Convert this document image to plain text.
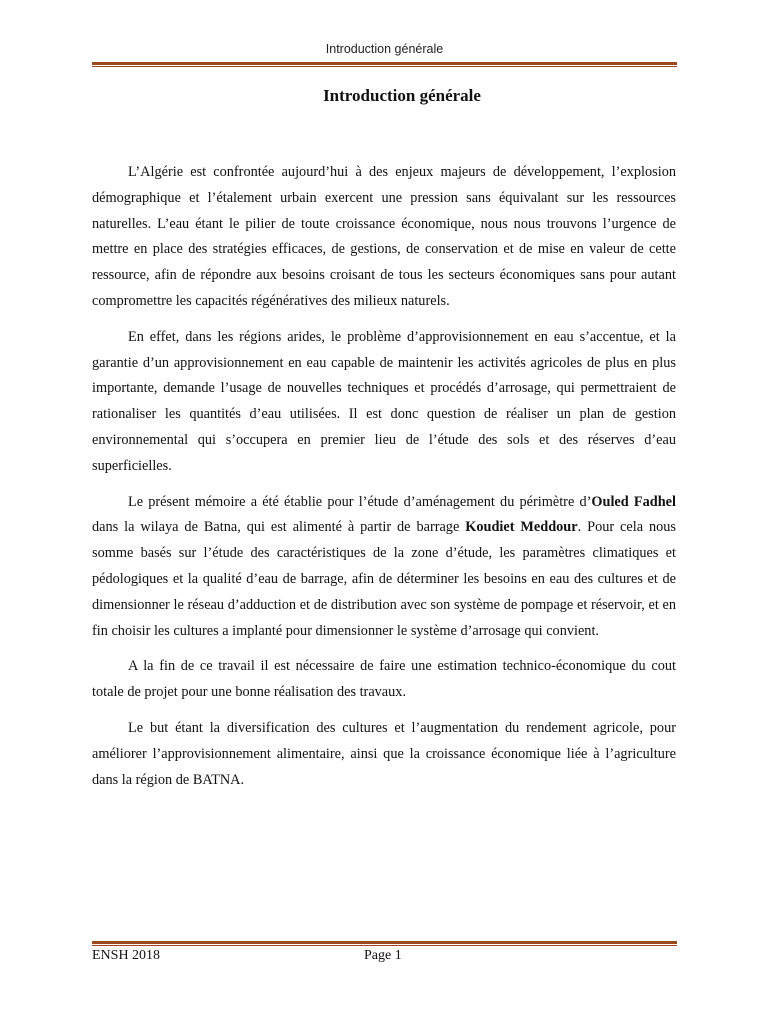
Introduction générale
Introduction générale

L’Algérie est confrontée aujourd’hui à des enjeux majeurs de développement, l’explosion démographique et l’étalement urbain exercent une pression sans équivalant sur les ressources naturelles. L’eau étant le pilier de toute croissance économique, nous nous trouvons l’urgence de mettre en place des stratégies efficaces, de gestions, de conservation et de mise en valeur de cette ressource, afin de répondre aux besoins croisant de tous les secteurs économiques sans pour autant compromettre les capacités régénératives des milieux naturels.

En effet, dans les régions arides, le problème d’approvisionnement en eau s’accentue, et la garantie d’un approvisionnement en eau capable de maintenir les activités agricoles de plus en plus importante, demande l’usage de nouvelles techniques et procédés d’arrosage, qui permettraient de rationaliser les quantités d’eau utilisées. Il est donc question de réaliser un plan de gestion environnemental qui s’occupera en premier lieu de l’étude des sols et des réserves d’eau superficielles.

Le présent mémoire a été établie pour l’étude d’aménagement du périmètre d’Ouled Fadhel dans la wilaya de Batna, qui est alimenté à partir de barrage Koudiet Meddour. Pour cela nous somme basés sur l’étude des caractéristiques de la zone d’étude, les paramètres climatiques et pédologiques et la qualité d’eau de barrage, afin de déterminer les besoins en eau des cultures et de dimensionner le réseau d’adduction et de distribution avec son système de pompage et réservoir, et en fin choisir les cultures a implanté pour dimensionner le système d’arrosage qui convient.

A la fin de ce travail il est nécessaire de faire une estimation technico-économique du cout totale de projet pour une bonne réalisation des travaux.

Le but étant la diversification des cultures et l’augmentation du rendement agricole, pour améliorer l’approvisionnement alimentaire, ainsi que la croissance économique liée à l’agriculture dans la région de BATNA.

ENSH 2018	Page 1
